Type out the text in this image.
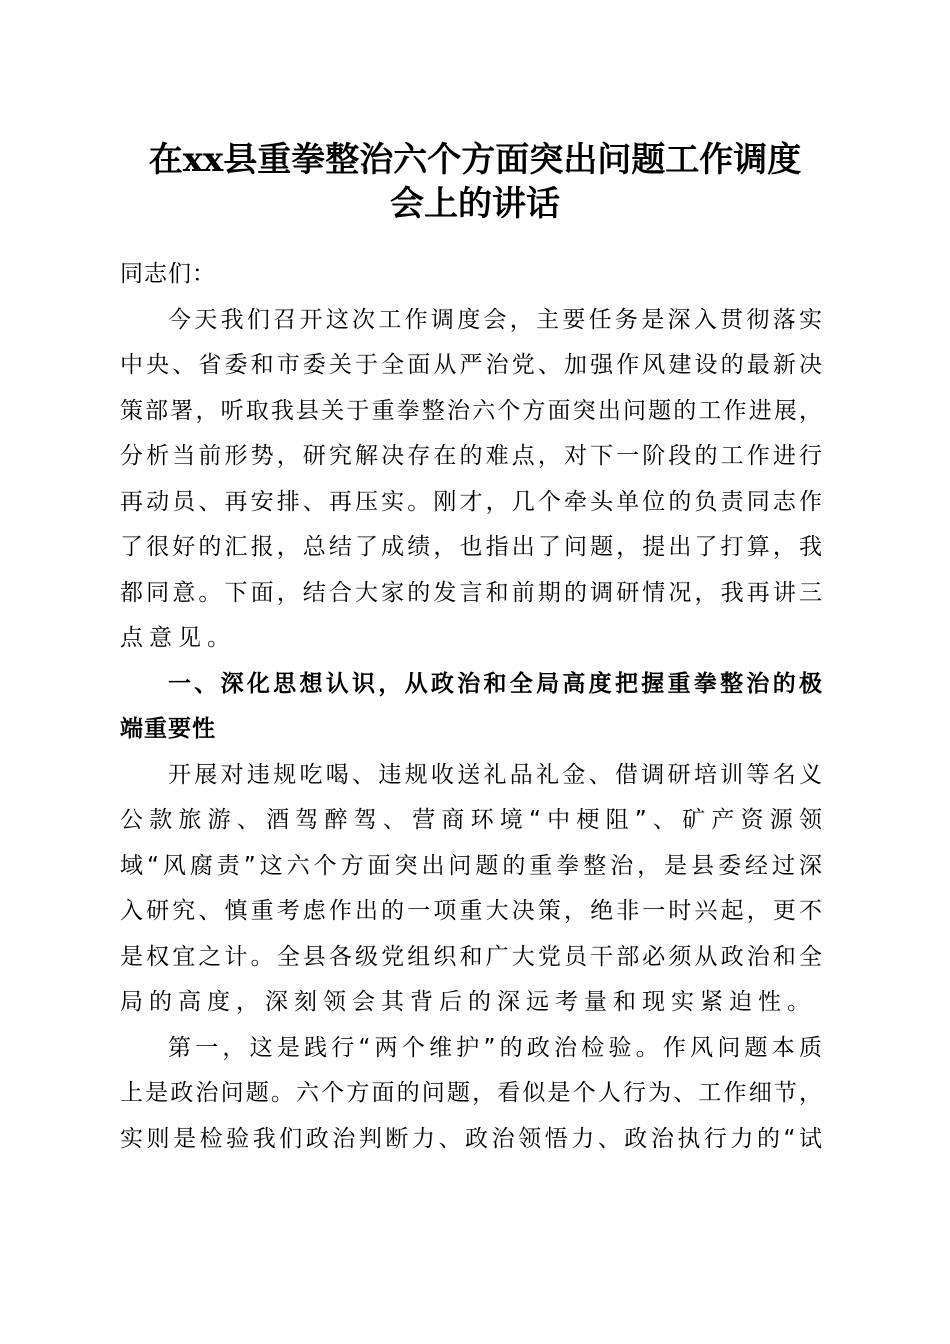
在xx县重拳整治六个方面突出问题工作调度
会上的讲话
同志们：
今天我们召开这次工作调度会，主要任务是深入贯彻落实
中央、省委和市委关于全面从严治党、加强作风建设的最新决
策部署，听取我县关于重拳整治六个方面突出问题的工作进展，
分析当前形势，研究解决存在的难点，对下一阶段的工作进行
再动员、再安排、再压实。刚才，几个牵头单位的负责同志作
了很好的汇报，总结了成绩，也指出了问题，提出了打算，我
都同意。下面，结合大家的发言和前期的调研情况，我再讲三
点意见。
一、深化思想认识，从政治和全局高度把握重拳整治的极
端重要性
开展对违规吃喝、违规收送礼品礼金、借调研培训等名义
公款旅游、酒驾醉驾、营商环境“中梗阻”、矿产资源领
域“风腐责”这六个方面突出问题的重拳整治，是县委经过深
入研究、慎重考虑作出的一项重大决策，绝非一时兴起，更不
是权宜之计。全县各级党组织和广大党员干部必须从政治和全
局的高度，深刻领会其背后的深远考量和现实紧迫性。
第一，这是践行“两个维护”的政治检验。作风问题本质
上是政治问题。六个方面的问题，看似是个人行为、工作细节，
实则是检验我们政治判断力、政治领悟力、政治执行力的“试
